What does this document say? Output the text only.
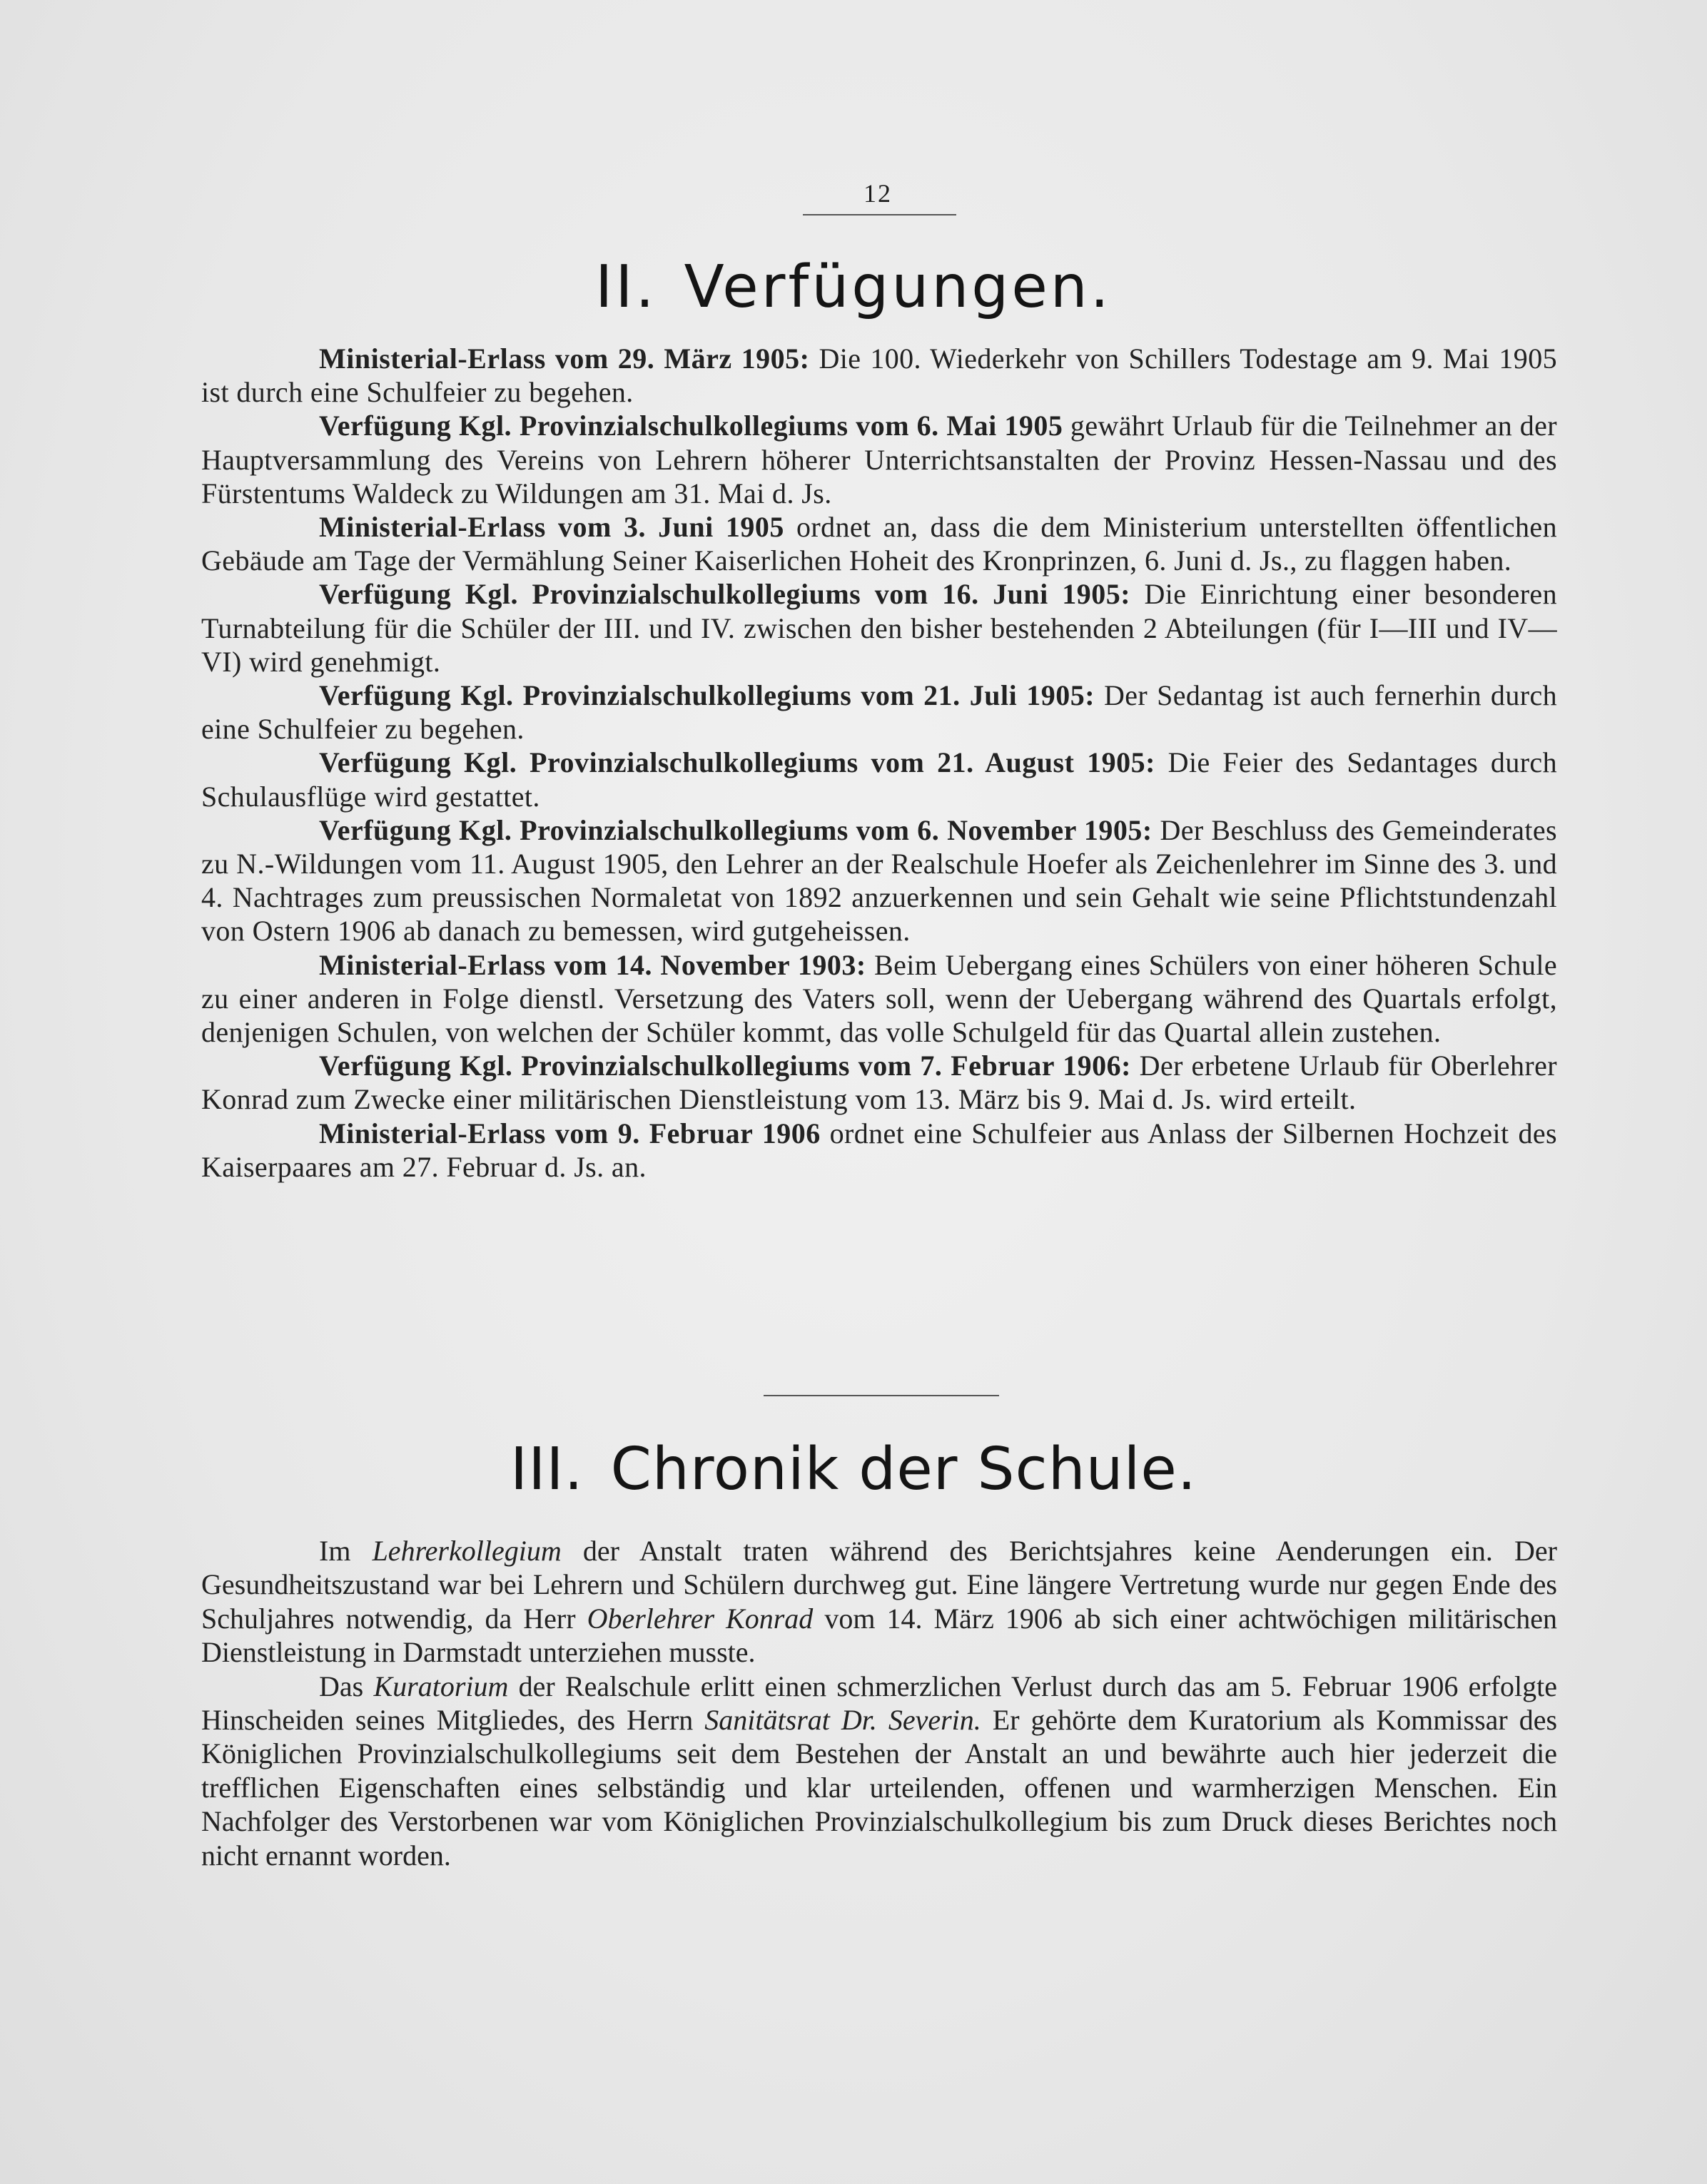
12
II. Verfügungen.

Ministerial-Erlass vom 29. März 1905: Die 100. Wiederkehr von Schillers Todestage am 9. Mai 1905 ist durch eine Schulfeier zu begehen.

Verfügung Kgl. Provinzialschulkollegiums vom 6. Mai 1905 gewährt Urlaub für die Teilnehmer an der Hauptversammlung des Vereins von Lehrern höherer Unterrichtsanstalten der Provinz Hessen-Nassau und des Fürstentums Waldeck zu Wildungen am 31. Mai d. Js.

Ministerial-Erlass vom 3. Juni 1905 ordnet an, dass die dem Ministerium unterstellten öffentlichen Gebäude am Tage der Vermählung Seiner Kaiserlichen Hoheit des Kronprinzen, 6. Juni d. Js., zu flaggen haben.

Verfügung Kgl. Provinzialschulkollegiums vom 16. Juni 1905: Die Einrichtung einer besonderen Turnabteilung für die Schüler der III. und IV. zwischen den bisher bestehenden 2 Abteilungen (für I—III und IV—VI) wird genehmigt.

Verfügung Kgl. Provinzialschulkollegiums vom 21. Juli 1905: Der Sedantag ist auch fernerhin durch eine Schulfeier zu begehen.

Verfügung Kgl. Provinzialschulkollegiums vom 21. August 1905: Die Feier des Sedantages durch Schulausflüge wird gestattet.

Verfügung Kgl. Provinzialschulkollegiums vom 6. November 1905: Der Beschluss des Gemeinderates zu N.-Wildungen vom 11. August 1905, den Lehrer an der Realschule Hoefer als Zeichenlehrer im Sinne des 3. und 4. Nachtrages zum preussischen Normaletat von 1892 anzuerkennen und sein Gehalt wie seine Pflichtstundenzahl von Ostern 1906 ab danach zu bemessen, wird gutgeheissen.

Ministerial-Erlass vom 14. November 1903: Beim Uebergang eines Schülers von einer höheren Schule zu einer anderen in Folge dienstl. Versetzung des Vaters soll, wenn der Uebergang während des Quartals erfolgt, denjenigen Schulen, von welchen der Schüler kommt, das volle Schulgeld für das Quartal allein zustehen.

Verfügung Kgl. Provinzialschulkollegiums vom 7. Februar 1906: Der erbetene Urlaub für Oberlehrer Konrad zum Zwecke einer militärischen Dienstleistung vom 13. März bis 9. Mai d. Js. wird erteilt.

Ministerial-Erlass vom 9. Februar 1906 ordnet eine Schulfeier aus Anlass der Silbernen Hochzeit des Kaiserpaares am 27. Februar d. Js. an.

III. Chronik der Schule.

Im Lehrerkollegium der Anstalt traten während des Berichtsjahres keine Aenderungen ein. Der Gesundheitszustand war bei Lehrern und Schülern durchweg gut. Eine längere Vertretung wurde nur gegen Ende des Schuljahres notwendig, da Herr Oberlehrer Konrad vom 14. März 1906 ab sich einer achtwöchigen militärischen Dienstleistung in Darmstadt unterziehen musste.

Das Kuratorium der Realschule erlitt einen schmerzlichen Verlust durch das am 5. Februar 1906 erfolgte Hinscheiden seines Mitgliedes, des Herrn Sanitätsrat Dr. Severin. Er gehörte dem Kuratorium als Kommissar des Königlichen Provinzialschulkollegiums seit dem Bestehen der Anstalt an und bewährte auch hier jederzeit die trefflichen Eigenschaften eines selbständig und klar urteilenden, offenen und warmherzigen Menschen. Ein Nachfolger des Verstorbenen war vom Königlichen Provinzialschulkollegium bis zum Druck dieses Berichtes noch nicht ernannt worden.
